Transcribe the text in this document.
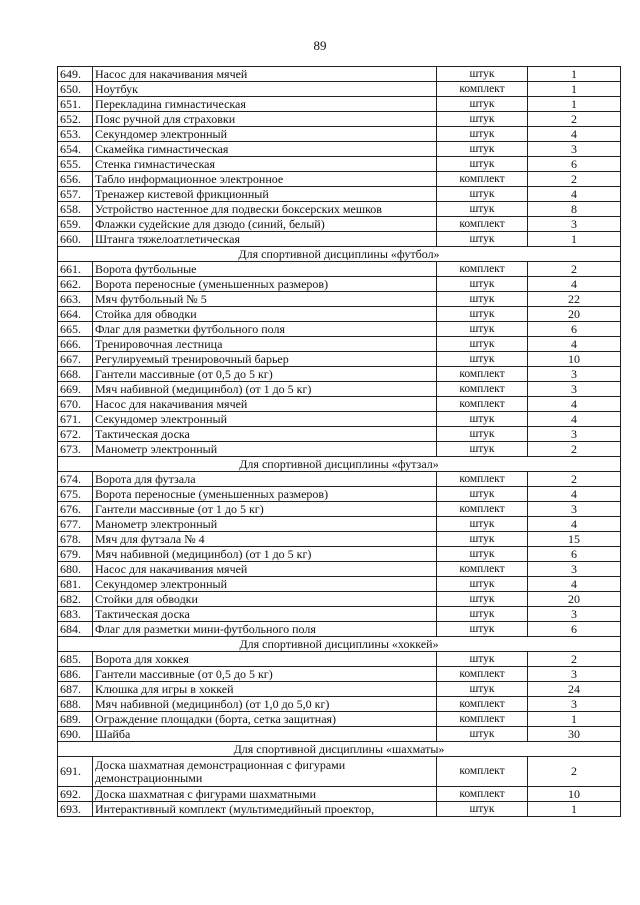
89
649.	Насос для накачивания мячей	штук	1
650.	Ноутбук	комплект	1
651.	Перекладина гимнастическая	штук	1
652.	Пояс ручной для страховки	штук	2
653.	Секундомер электронный	штук	4
654.	Скамейка гимнастическая	штук	3
655.	Стенка гимнастическая	штук	6
656.	Табло информационное электронное	комплект	2
657.	Тренажер кистевой фрикционный	штук	4
658.	Устройство настенное для подвески боксерских мешков	штук	8
659.	Флажки судейские для дзюдо (синий, белый)	комплект	3
660.	Штанга тяжелоатлетическая	штук	1
Для спортивной дисциплины «футбол»			
661.	Ворота футбольные	комплект	2
662.	Ворота переносные (уменьшенных размеров)	штук	4
663.	Мяч футбольный № 5	штук	22
664.	Стойка для обводки	штук	20
665.	Флаг для разметки футбольного поля	штук	6
666.	Тренировочная лестница	штук	4
667.	Регулируемый тренировочный барьер	штук	10
668.	Гантели массивные (от 0,5 до 5 кг)	комплект	3
669.	Мяч набивной (медицинбол) (от 1 до 5 кг)	комплект	3
670.	Насос для накачивания мячей	комплект	4
671.	Секундомер электронный	штук	4
672.	Тактическая доска	штук	3
673.	Манометр электронный	штук	2
Для спортивной дисциплины «футзал»			
674.	Ворота для футзала	комплект	2
675.	Ворота переносные (уменьшенных размеров)	штук	4
676.	Гантели массивные (от 1 до 5 кг)	комплект	3
677.	Манометр электронный	штук	4
678.	Мяч для футзала № 4	штук	15
679.	Мяч набивной (медицинбол) (от 1 до 5 кг)	штук	6
680.	Насос для накачивания мячей	комплект	3
681.	Секундомер электронный	штук	4
682.	Стойки для обводки	штук	20
683.	Тактическая доска	штук	3
684.	Флаг для разметки мини-футбольного поля	штук	6
Для спортивной дисциплины «хоккей»			
685.	Ворота для хоккея	штук	2
686.	Гантели массивные (от 0,5 до 5 кг)	комплект	3
687.	Клюшка для игры в хоккей	штук	24
688.	Мяч набивной (медицинбол) (от 1,0 до 5,0 кг)	комплект	3
689.	Ограждение площадки (борта, сетка защитная)	комплект	1
690.	Шайба	штук	30
Для спортивной дисциплины «шахматы»			
691.	Доска шахматная демонстрационная с фигурами демонстрационными	комплект	2
692.	Доска шахматная с фигурами шахматными	комплект	10
693.	Интерактивный комплект (мультимедийный проектор,	штук	1
